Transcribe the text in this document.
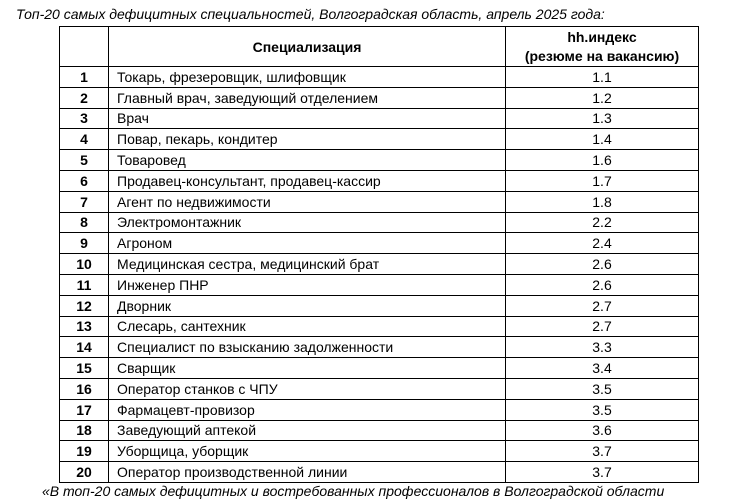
Топ-20 самых дефицитных специальностей, Волгоградская область, апрель 2025 года:
	Специализация	hh.индекс
(резюме на вакансию)

1	Токарь, фрезеровщик, шлифовщик	1.1
2	Главный врач, заведующий отделением	1.2
3	Врач	1.3
4	Повар, пекарь, кондитер	1.4
5	Товаровед	1.6
6	Продавец-консультант, продавец-кассир	1.7
7	Агент по недвижимости	1.8
8	Электромонтажник	2.2
9	Агроном	2.4
10	Медицинская сестра, медицинский брат	2.6
11	Инженер ПНР	2.6
12	Дворник	2.7
13	Слесарь, сантехник	2.7
14	Специалист по взысканию задолженности	3.3
15	Сварщик	3.4
16	Оператор станков с ЧПУ	3.5
17	Фармацевт-провизор	3.5
18	Заведующий аптекой	3.6
19	Уборщица, уборщик	3.7
20	Оператор производственной линии	3.7
«В топ-20 самых дефицитных и востребованных профессионалов в Волгоградской области
